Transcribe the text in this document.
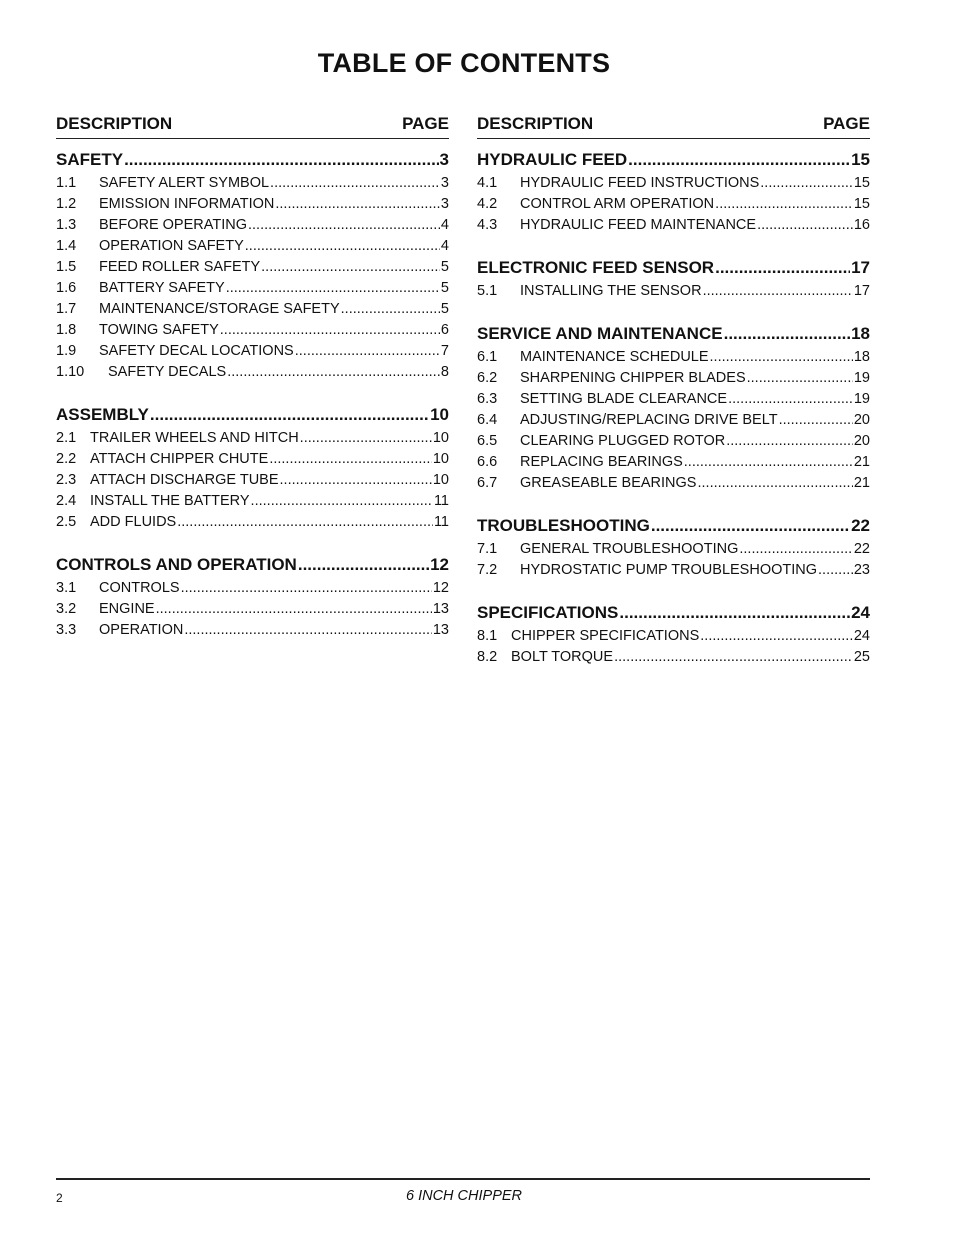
TABLE OF CONTENTS
DESCRIPTION	PAGE
SAFETY .....	3
1.1	SAFETY ALERT SYMBOL .....	3
1.2	EMISSION INFORMATION .....	3
1.3	BEFORE OPERATING .....	4
1.4	OPERATION SAFETY .....	4
1.5	FEED ROLLER SAFETY .....	5
1.6	BATTERY SAFETY .....	5
1.7	MAINTENANCE/STORAGE SAFETY .....	5
1.8	TOWING SAFETY .....	6
1.9	SAFETY DECAL LOCATIONS .....	7
1.10	SAFETY DECALS .....	8
ASSEMBLY .....	10
2.1 TRAILER WHEELS AND HITCH .....	10
2.2 ATTACH CHIPPER CHUTE .....	10
2.3 ATTACH DISCHARGE TUBE .....	10
2.4 INSTALL THE BATTERY .....	11
2.5 ADD FLUIDS .....	11
CONTROLS AND OPERATION .....	12
3.1	CONTROLS .....	12
3.2	ENGINE .....	13
3.3	OPERATION .....	13
DESCRIPTION	PAGE
HYDRAULIC FEED .....	15
4.1	HYDRAULIC FEED INSTRUCTIONS .....	15
4.2	CONTROL ARM OPERATION .....	15
4.3	HYDRAULIC FEED MAINTENANCE .....	16
ELECTRONIC FEED SENSOR .....	17
5.1	INSTALLING THE SENSOR .....	17
SERVICE AND MAINTENANCE .....	18
6.1	MAINTENANCE SCHEDULE .....	18
6.2	SHARPENING CHIPPER BLADES .....	19
6.3	SETTING BLADE CLEARANCE .....	19
6.4	ADJUSTING/REPLACING DRIVE BELT .....	20
6.5	CLEARING PLUGGED ROTOR .....	20
6.6	REPLACING BEARINGS .....	21
6.7	GREASEABLE BEARINGS .....	21
TROUBLESHOOTING .....	22
7.1	GENERAL TROUBLESHOOTING .....	22
7.2	HYDROSTATIC PUMP TROUBLESHOOTING .....	23
SPECIFICATIONS .....	24
8.1 CHIPPER SPECIFICATIONS .....	24
8.2 BOLT TORQUE .....	25
2	6 INCH CHIPPER
